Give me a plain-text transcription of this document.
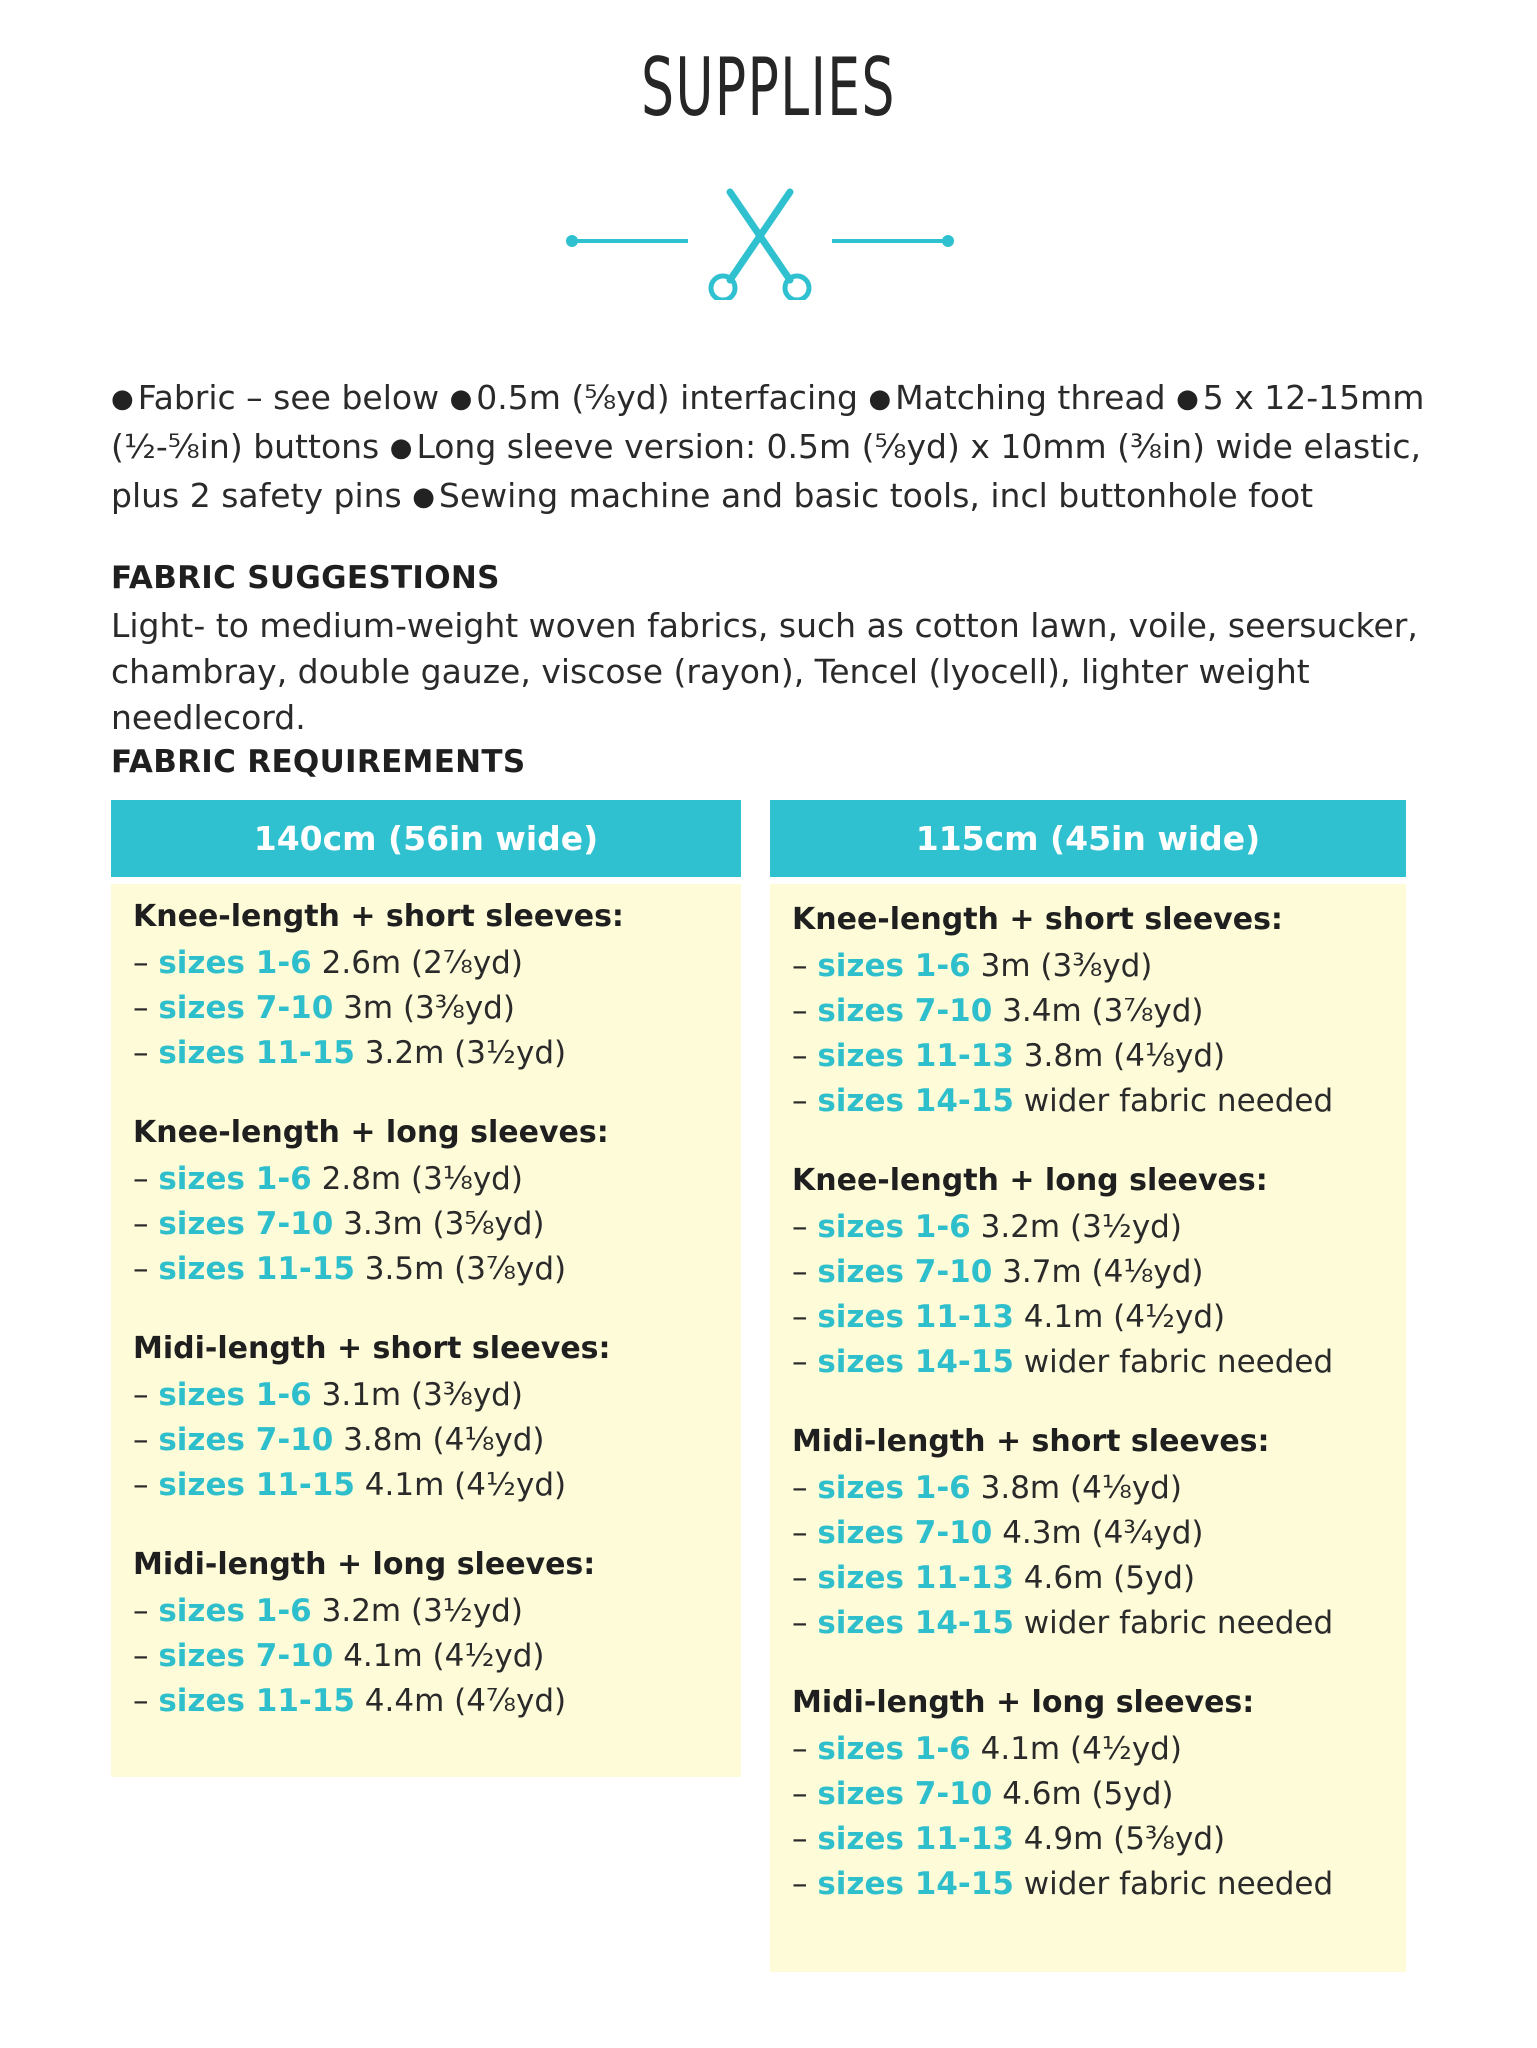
SUPPLIES
● Fabric – see below ● 0.5m (⅝yd) interfacing ● Matching thread ● 5 x 12-15mm (½-⅝in) buttons ● Long sleeve version: 0.5m (⅝yd) x 10mm (⅜in) wide elastic, plus 2 safety pins ● Sewing machine and basic tools, incl buttonhole foot
FABRIC SUGGESTIONS
Light- to medium-weight woven fabrics, such as cotton lawn, voile, seersucker, chambray, double gauze, viscose (rayon), Tencel (lyocell), lighter weight needlecord.
FABRIC REQUIREMENTS
140cm (56in wide)	115cm (45in wide)
Knee-length + short sleeves:
– sizes 1-6 2.6m (2⅞yd)
– sizes 7-10 3m (3⅜yd)
– sizes 11-15 3.2m (3½yd)
Knee-length + long sleeves:
– sizes 1-6 2.8m (3⅛yd)
– sizes 7-10 3.3m (3⅝yd)
– sizes 11-15 3.5m (3⅞yd)
Midi-length + short sleeves:
– sizes 1-6 3.1m (3⅜yd)
– sizes 7-10 3.8m (4⅛yd)
– sizes 11-15 4.1m (4½yd)
Midi-length + long sleeves:
– sizes 1-6 3.2m (3½yd)
– sizes 7-10 4.1m (4½yd)
– sizes 11-15 4.4m (4⅞yd)
Knee-length + short sleeves:
– sizes 1-6 3m (3⅜yd)
– sizes 7-10 3.4m (3⅞yd)
– sizes 11-13 3.8m (4⅛yd)
– sizes 14-15 wider fabric needed
Knee-length + long sleeves:
– sizes 1-6 3.2m (3½yd)
– sizes 7-10 3.7m (4⅛yd)
– sizes 11-13 4.1m (4½yd)
– sizes 14-15 wider fabric needed
Midi-length + short sleeves:
– sizes 1-6 3.8m (4⅛yd)
– sizes 7-10 4.3m (4¾yd)
– sizes 11-13 4.6m (5yd)
– sizes 14-15 wider fabric needed
Midi-length + long sleeves:
– sizes 1-6 4.1m (4½yd)
– sizes 7-10 4.6m (5yd)
– sizes 11-13 4.9m (5⅜yd)
– sizes 14-15 wider fabric needed
